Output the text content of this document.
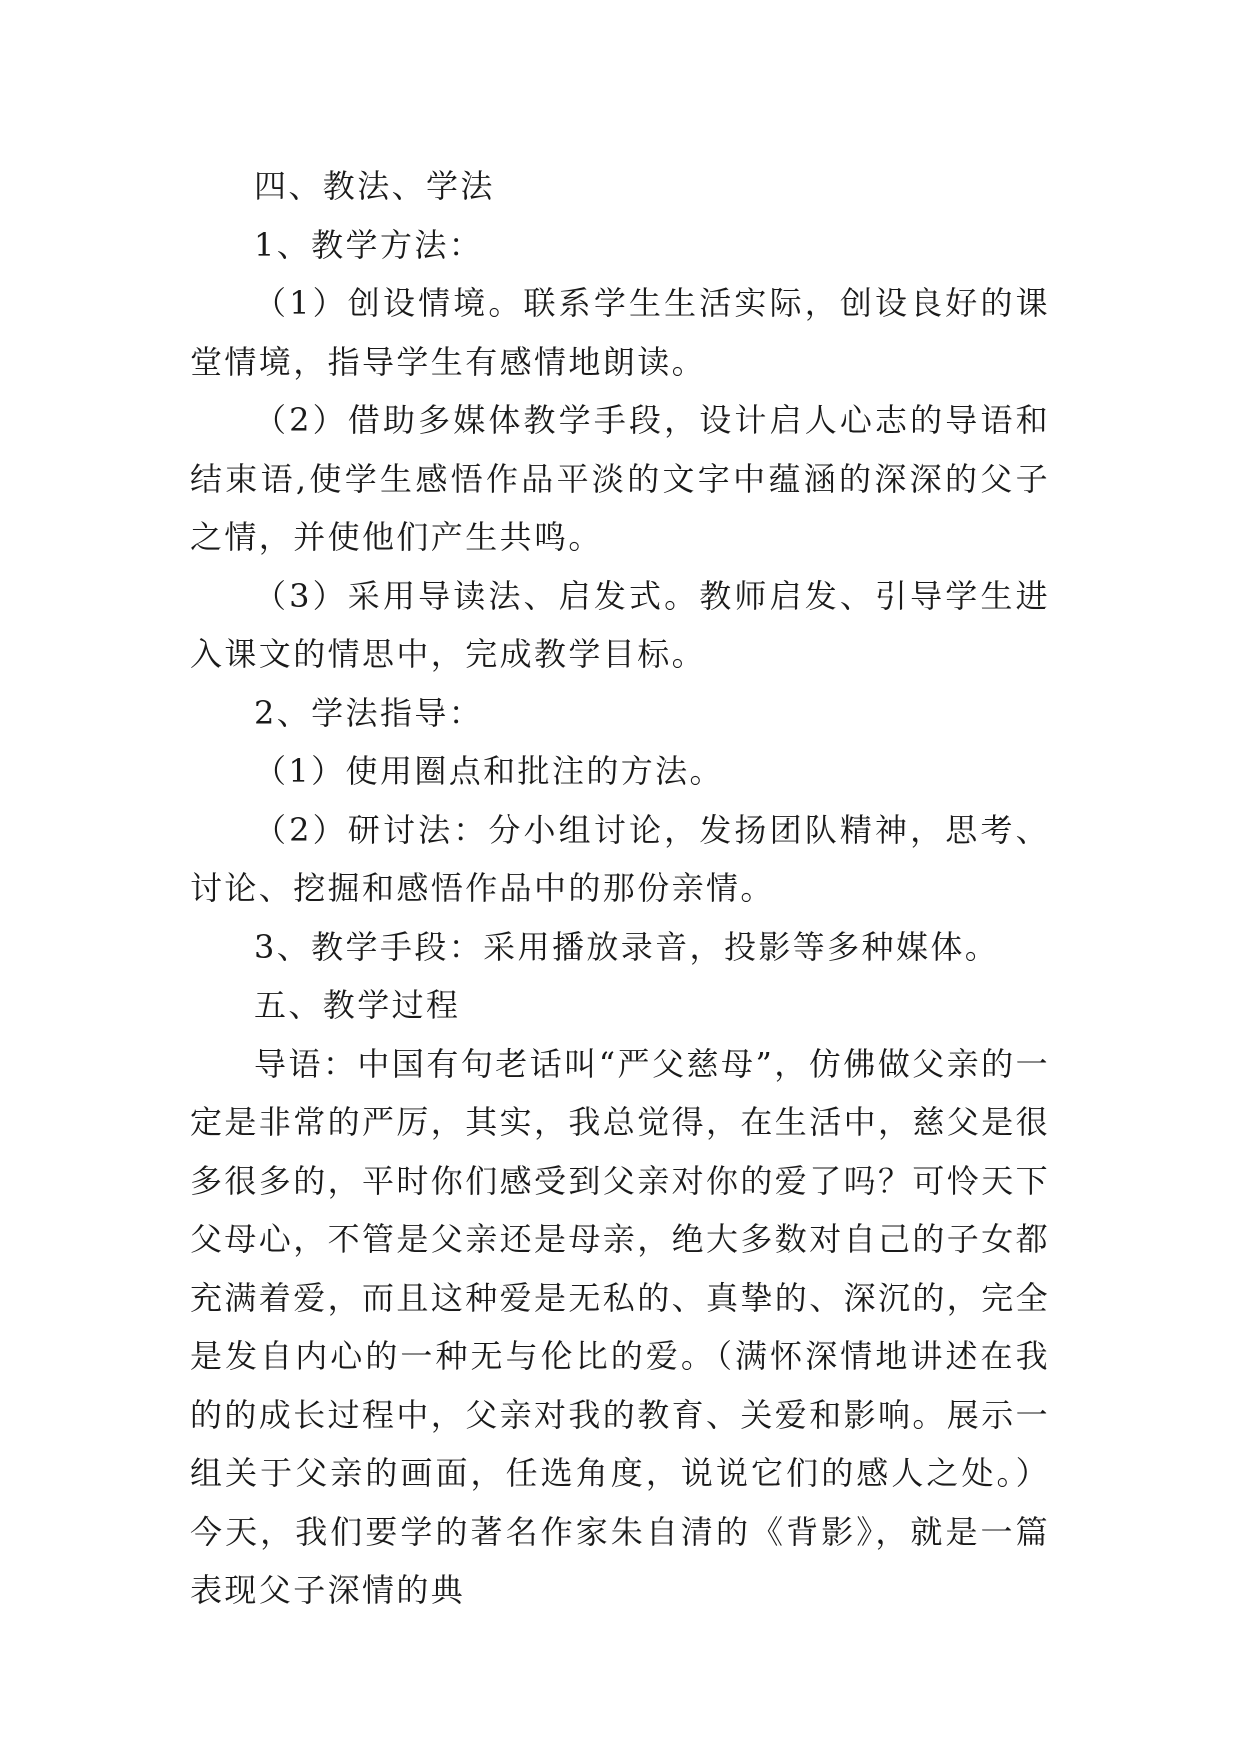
四、教法、学法

1、教学方法：

（1）创设情境。联系学生生活实际，创设良好的课堂情境，指导学生有感情地朗读。

（2）借助多媒体教学手段，设计启人心志的导语和结束语,使学生感悟作品平淡的文字中蕴涵的深深的父子之情，并使他们产生共鸣。

（3）采用导读法、启发式。教师启发、引导学生进入课文的情思中，完成教学目标。

2、学法指导：

（1）使用圈点和批注的方法。

（2）研讨法：分小组讨论，发扬团队精神，思考、讨论、挖掘和感悟作品中的那份亲情。

3、教学手段：采用播放录音，投影等多种媒体。

五、教学过程

导语：中国有句老话叫“严父慈母”，仿佛做父亲的一定是非常的严厉，其实，我总觉得，在生活中，慈父是很多很多的，平时你们感受到父亲对你的爱了吗？可怜天下父母心，不管是父亲还是母亲，绝大多数对自己的子女都充满着爱，而且这种爱是无私的、真挚的、深沉的，完全是发自内心的一种无与伦比的爱。（满怀深情地讲述在我的的成长过程中，父亲对我的教育、关爱和影响。展示一组关于父亲的画面，任选角度，说说它们的感人之处。）今天，我们要学的著名作家朱自清的《背影》，就是一篇表现父子深情的典
